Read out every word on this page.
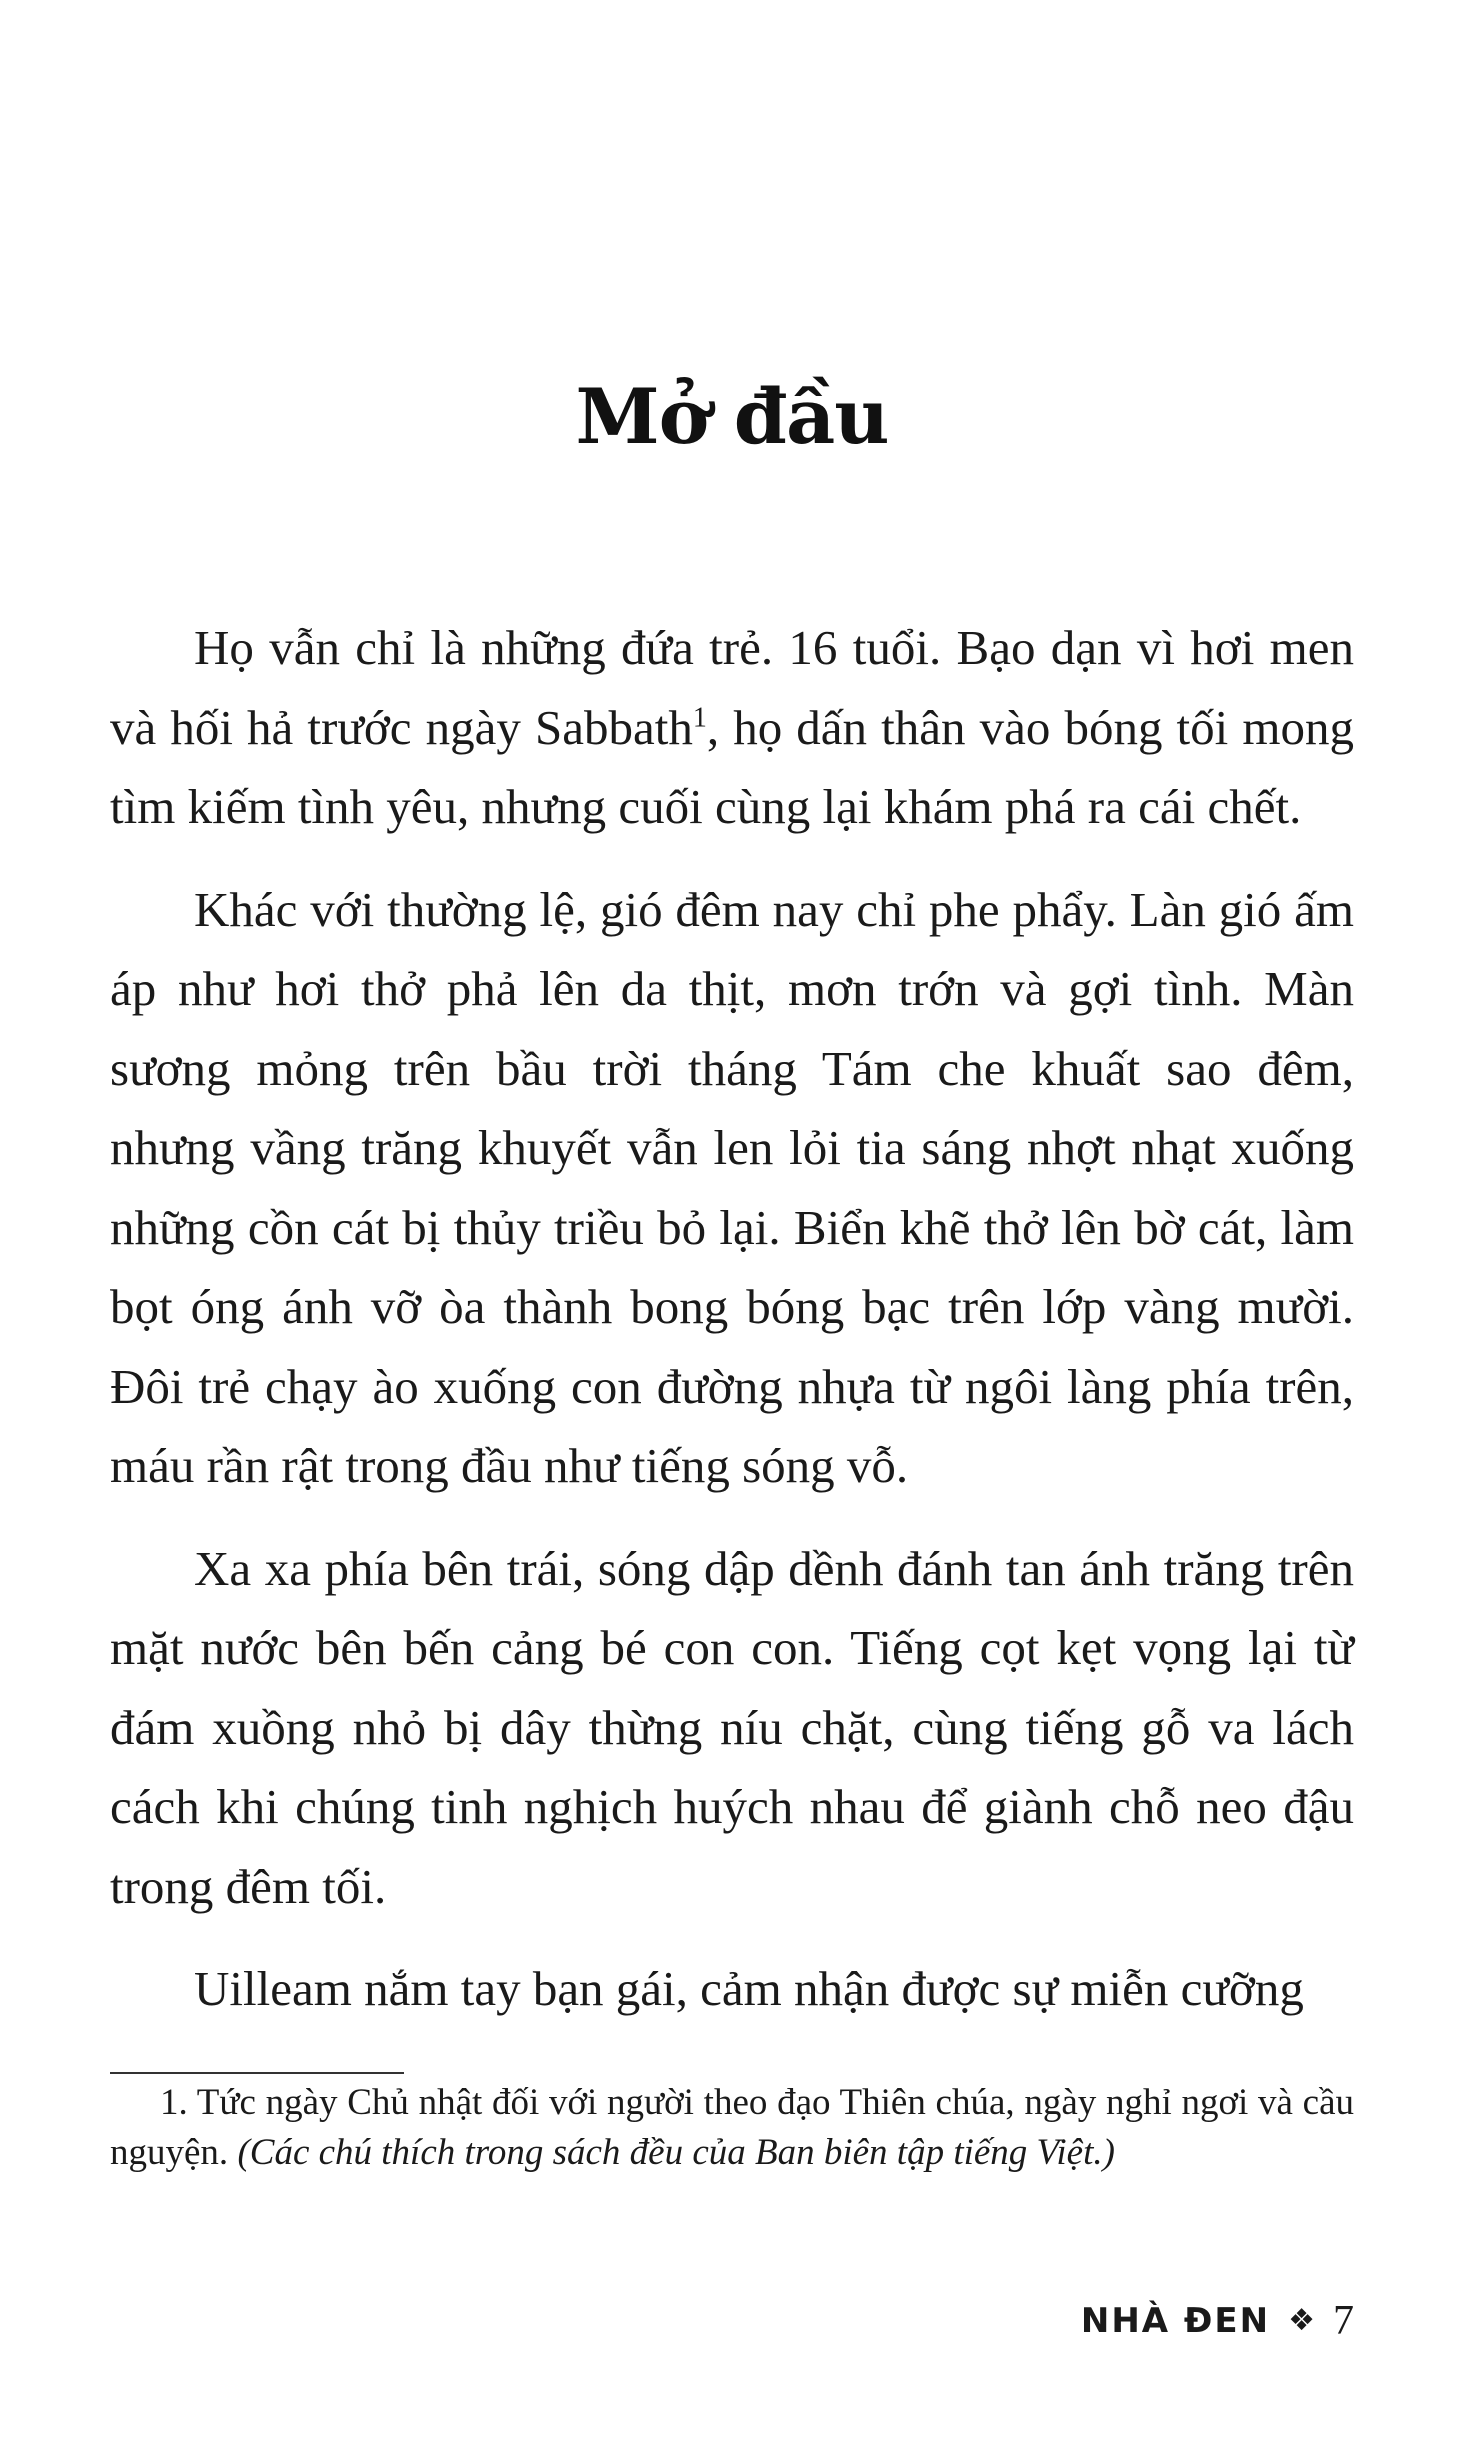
Mở đầu

Họ vẫn chỉ là những đứa trẻ. 16 tuổi. Bạo dạn vì hơi men và hối hả trước ngày Sabbath$^1$, họ dấn thân vào bóng tối mong tìm kiếm tình yêu, nhưng cuối cùng lại khám phá ra cái chết.

Khác với thường lệ, gió đêm nay chỉ phe phẩy. Làn gió ấm áp như hơi thở phả lên da thịt, mơn trớn và gợi tình. Màn sương mỏng trên bầu trời tháng Tám che khuất sao đêm, nhưng vầng trăng khuyết vẫn len lỏi tia sáng nhợt nhạt xuống những cồn cát bị thủy triều bỏ lại. Biển khẽ thở lên bờ cát, làm bọt óng ánh vỡ òa thành bong bóng bạc trên lớp vàng mười. Đôi trẻ chạy ào xuống con đường nhựa từ ngôi làng phía trên, máu rần rật trong đầu như tiếng sóng vỗ.

Xa xa phía bên trái, sóng dập dềnh đánh tan ánh trăng trên mặt nước bên bến cảng bé con con. Tiếng cọt kẹt vọng lại từ đám xuồng nhỏ bị dây thừng níu chặt, cùng tiếng gỗ va lách cách khi chúng tinh nghịch huých nhau để giành chỗ neo đậu trong đêm tối.

Uilleam nắm tay bạn gái, cảm nhận được sự miễn cưỡng

1. Tức ngày Chủ nhật đối với người theo đạo Thiên chúa, ngày nghỉ ngơi và cầu nguyện. (Các chú thích trong sách đều của Ban biên tập tiếng Việt.)
NHÀ ĐEN ❖ 7
